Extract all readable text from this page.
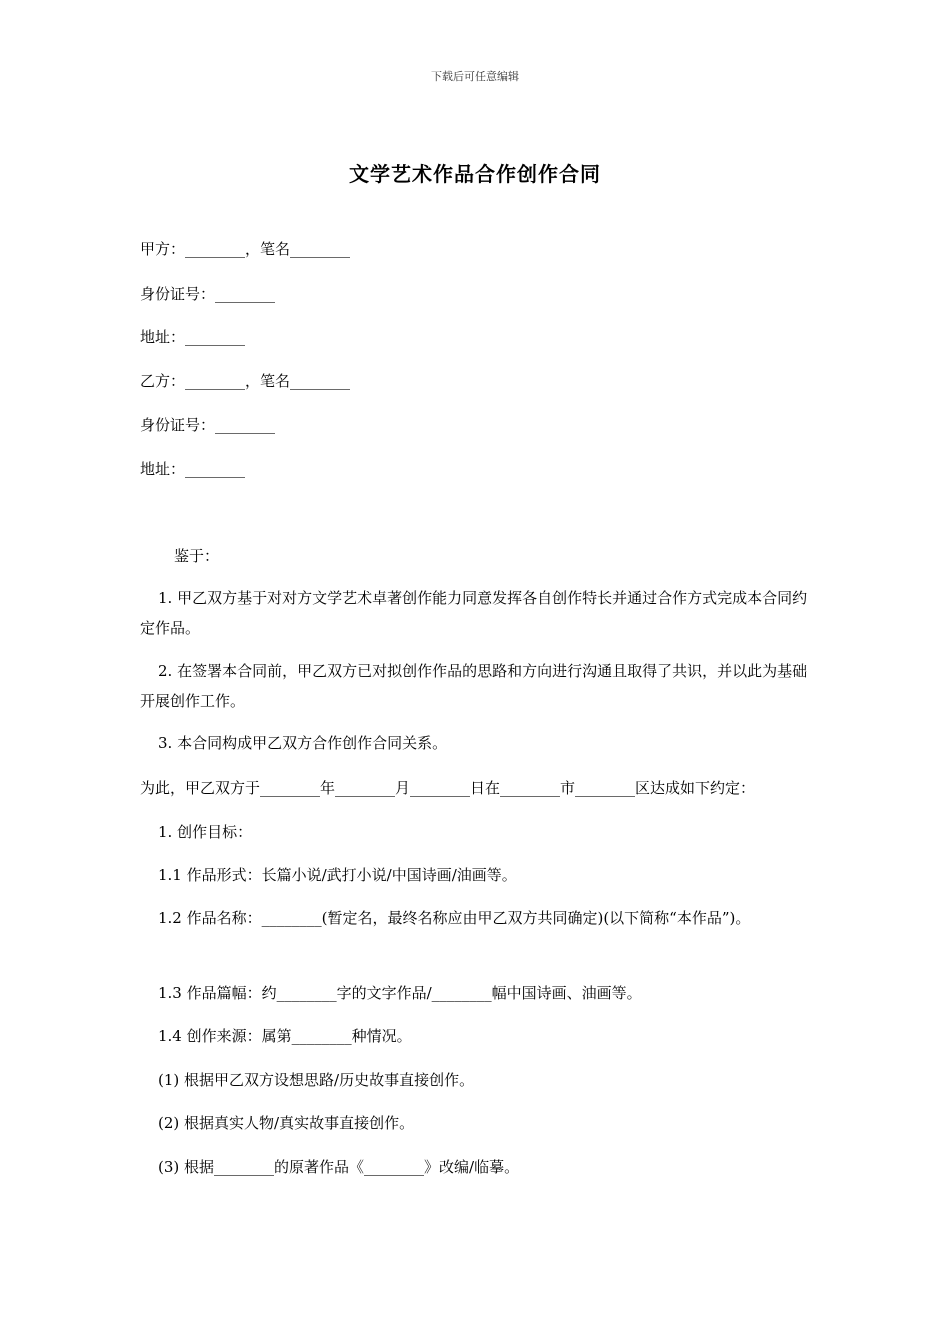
下载后可任意编辑
文学艺术作品合作创作合同
甲方：________，笔名________
身份证号：________
地址：________
乙方：________，笔名________
身份证号：________
地址：________
鉴于：
1. 甲乙双方基于对对方文学艺术卓著创作能力同意发挥各自创作特长并通过合作方式完成本合同约定作品。
2. 在签署本合同前，甲乙双方已对拟创作作品的思路和方向进行沟通且取得了共识，并以此为基础开展创作工作。
3. 本合同构成甲乙双方合作创作合同关系。
为此，甲乙双方于________年________月________日在________市________区达成如下约定：
1. 创作目标：
1.1 作品形式：长篇小说/武打小说/中国诗画/油画等。
1.2 作品名称：________(暂定名，最终名称应由甲乙双方共同确定)(以下简称“本作品”)。
1.3 作品篇幅：约________字的文字作品/________幅中国诗画、油画等。
1.4 创作来源：属第________种情况。
(1) 根据甲乙双方设想思路/历史故事直接创作。
(2) 根据真实人物/真实故事直接创作。
(3) 根据________的原著作品《________》改编/临摹。
